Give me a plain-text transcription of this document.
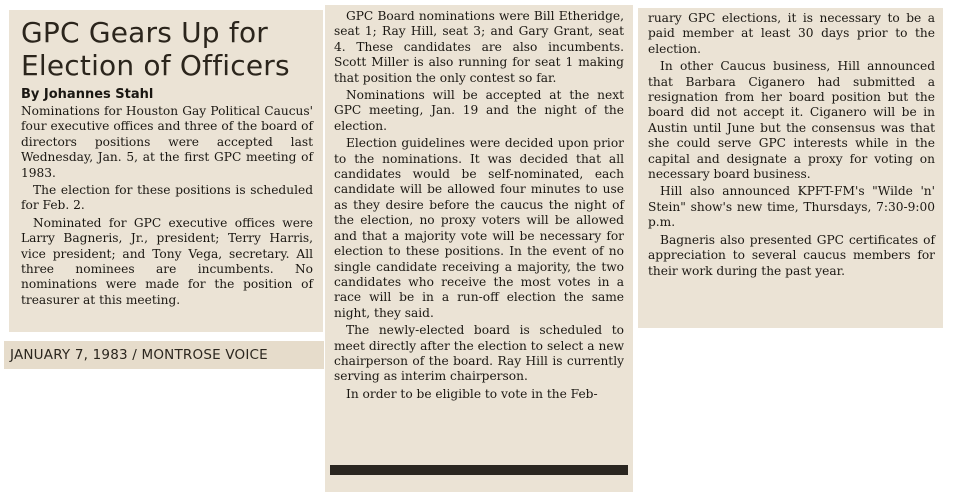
GPC Gears Up for Election of Officers
By Johannes Stahl

Nominations for Houston Gay Political Caucus' four executive offices and three of the board of directors positions were accepted last Wednesday, Jan. 5, at the first GPC meeting of 1983.

The election for these positions is scheduled for Feb. 2.

Nominated for GPC executive offices were Larry Bagneris, Jr., president; Terry Harris, vice president; and Tony Vega, secretary. All three nominees are incumbents. No nominations were made for the position of treasurer at this meeting.

JANUARY 7, 1983 / MONTROSE VOICE

GPC Board nominations were Bill Etheridge, seat 1; Ray Hill, seat 3; and Gary Grant, seat 4. These candidates are also incumbents. Scott Miller is also running for seat 1 making that position the only contest so far.

Nominations will be accepted at the next GPC meeting, Jan. 19 and the night of the election.

Election guidelines were decided upon prior to the nominations. It was decided that all candidates would be self-nominated, each candidate will be allowed four minutes to use as they desire before the caucus the night of the election, no proxy voters will be allowed and that a majority vote will be necessary for election to these positions. In the event of no single candidate receiving a majority, the two candidates who receive the most votes in a race will be in a run-off election the same night, they said.

The newly-elected board is scheduled to meet directly after the election to select a new chairperson of the board. Ray Hill is currently serving as interim chairperson.

In order to be eligible to vote in the Feb-

ruary GPC elections, it is necessary to be a paid member at least 30 days prior to the election.

In other Caucus business, Hill announced that Barbara Ciganero had submitted a resignation from her board position but the board did not accept it. Ciganero will be in Austin until June but the consensus was that she could serve GPC interests while in the capital and designate a proxy for voting on necessary board business.

Hill also announced KPFT-FM's "Wilde 'n' Stein" show's new time, Thursdays, 7:30-9:00 p.m.

Bagneris also presented GPC certificates of appreciation to several caucus members for their work during the past year.
